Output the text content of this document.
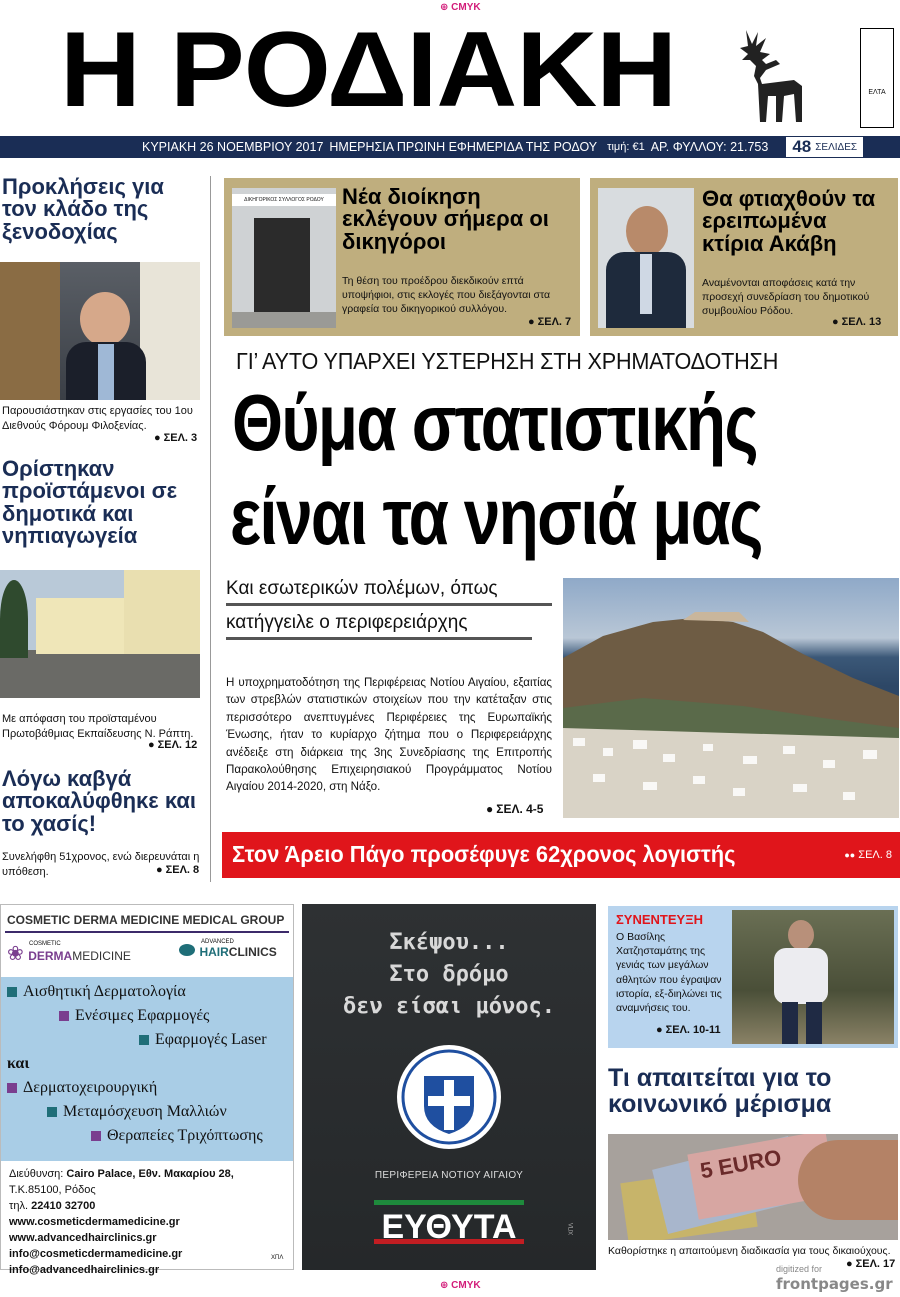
⊕ CMYK
Η ΡΟΔΙΑΚΗ	ΕΛΤΑ
ΚΥΡΙΑΚΗ 26 ΝΟΕΜΒΡΙΟΥ 2017 ΗΜΕΡΗΣΙΑ ΠΡΩΙΝΗ ΕΦΗΜΕΡΙΔΑ ΤΗΣ ΡΟΔΟΥ τιμή: €1 ΑΡ. ΦΥΛΛΟΥ: 21.753 48 ΣΕΛΙΔΕΣ
Προκλήσεις για τον κλάδο της ξενοδοχίας
Παρουσιάστηκαν στις εργασίες του 1ου Διεθνούς Φόρουμ Φιλοξενίας.
● ΣΕΛ. 3
Ορίστηκαν προϊστάμενοι σε δημοτικά και νηπιαγωγεία
Με απόφαση του προϊσταμένου Πρωτοβάθμιας Εκπαίδευσης Ν. Ράπτη.
● ΣΕΛ. 12
Λόγω καβγά αποκαλύφθηκε και το χασίς!
Συνελήφθη 51χρονος, ενώ διερευνάται η υπόθεση.
●	ΣΕΛ. 8
ΔΙΚΗΓΟΡΙΚΟΣ ΣΥΛΛΟΓΟΣ ΡΟΔΟΥ Νέα διοίκηση εκλέγουν σήμερα οι δικηγόροι
Τη θέση του προέδρου διεκδικούν επτά υποψήφιοι, στις εκλογές που διεξάγονται στα γραφεία του δικηγορικού συλλόγου.
● ΣΕΛ. 7
Θα φτιαχθούν τα ερειπωμένα κτίρια Ακάβη
Αναμένονται αποφάσεις κατά την προσεχή συνεδρίαση του δημοτικού συμβουλίου Ρόδου.
● ΣΕΛ. 13
ΓΙ’ ΑΥΤΟ ΥΠΑΡΧΕΙ ΥΣΤΕΡΗΣΗ ΣΤΗ ΧΡΗΜΑΤΟΔΟΤΗΣΗ
Θύμα στατιστικής
είναι τα νησιά μας
Και εσωτερικών πολέμων, όπως
κατήγγειλε ο περιφερειάρχης
Η υποχρηματοδότηση της Περιφέρειας Νοτίου Αιγαίου, εξαιτίας των στρεβλών στατιστικών στοιχείων που την κατέταξαν στις περισσότερο ανεπτυγμένες Περιφέρειες της Ευρωπαϊκής Ένωσης, ήταν το κυρίαρχο ζήτημα που ο Περιφερειάρχης ανέδειξε στη διάρκεια της 3ης Συνεδρίασης της Επιτροπής Παρακολούθησης Επιχειρησιακού Προγράμματος Νοτίου Αιγαίου 2014-2020, στη Νάξο.
● ΣΕΛ. 4-5
Στον Άρειο Πάγο προσέφυγε 62χρονος λογιστής	●● ΣΕΛ. 8
COSMETIC DERMA MEDICINE MEDICAL GROUP
❀ COSMETIC
DERMAMEDICINE

ADVANCED
HAIRCLINICS
Αισθητική Δερματολογία
Ενέσιμες Εφαρμογές
Εφαρμογές Laser
και
Δερματοχειρουργική
Μεταμόσχευση Μαλλιών
Θεραπείες Τριχόπτωσης
Διεύθυνση: Cairo Palace, Εθν. Μακαρίου 28,
Τ.Κ.85100, Ρόδος
τηλ. 22410 32700
www.cosmeticdermamedicine.gr
www.advancedhairclinics.gr
info@cosmeticdermamedicine.gr
info@advancedhairclinics.gr
ΧΠΛ
Σκέψου...
Στο δρόμο
δεν είσαι μόνος.
ΠΕΡΙΦΕΡΕΙΑ ΝΟΤΙΟΥ ΑΙΓΑΙΟΥ
ΕΥΘΥΤΑ	ΧΠΛ
ΣΥΝΕΝΤΕΥΞΗ
Ο Βασίλης Χατζησταμάτης της γενιάς των μεγάλων αθλητών που έγραψαν ιστορία, εξ-διηλώνει τις αναμνήσεις του.
● ΣΕΛ. 10-11
Τι απαιτείται για το κοινωνικό μέρισμα
5 EURO
Καθορίστηκε η απαιτούμενη διαδικασία για τους δικαιούχους.
● ΣΕΛ. 17
⊕ CMYK
digitized for
frontpages.gr
